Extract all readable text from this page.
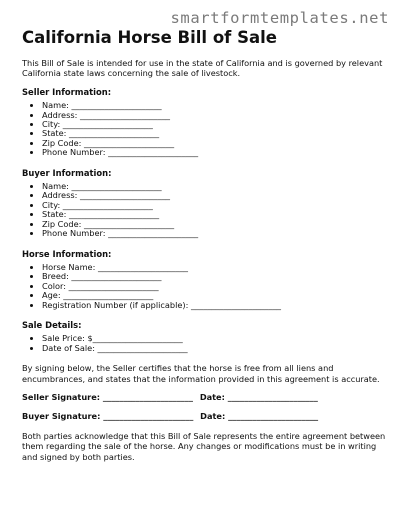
smartformtemplates.net
California Horse Bill of Sale

This Bill of Sale is intended for use in the state of California and is governed by relevant California state laws concerning the sale of livestock.

Seller Information:
• Name: ______________________
• Address: ______________________
• City: ______________________
• State: ______________________
• Zip Code: ______________________
• Phone Number: ______________________
Buyer Information:
• Name: ______________________
• Address: ______________________
• City: ______________________
• State: ______________________
• Zip Code: ______________________
• Phone Number: ______________________
Horse Information:
• Horse Name: ______________________
• Breed: ______________________
• Color: ______________________
• Age: ______________________
• Registration Number (if applicable): ______________________
Sale Details:
• Sale Price: $______________________
• Date of Sale: ______________________

By signing below, the Seller certifies that the horse is free from all liens and encumbrances, and states that the information provided in this agreement is accurate.

Seller Signature: ______________________ Date: ______________________
Buyer Signature: ______________________ Date: ______________________

Both parties acknowledge that this Bill of Sale represents the entire agreement between them regarding the sale of the horse. Any changes or modifications must be in writing and signed by both parties.
